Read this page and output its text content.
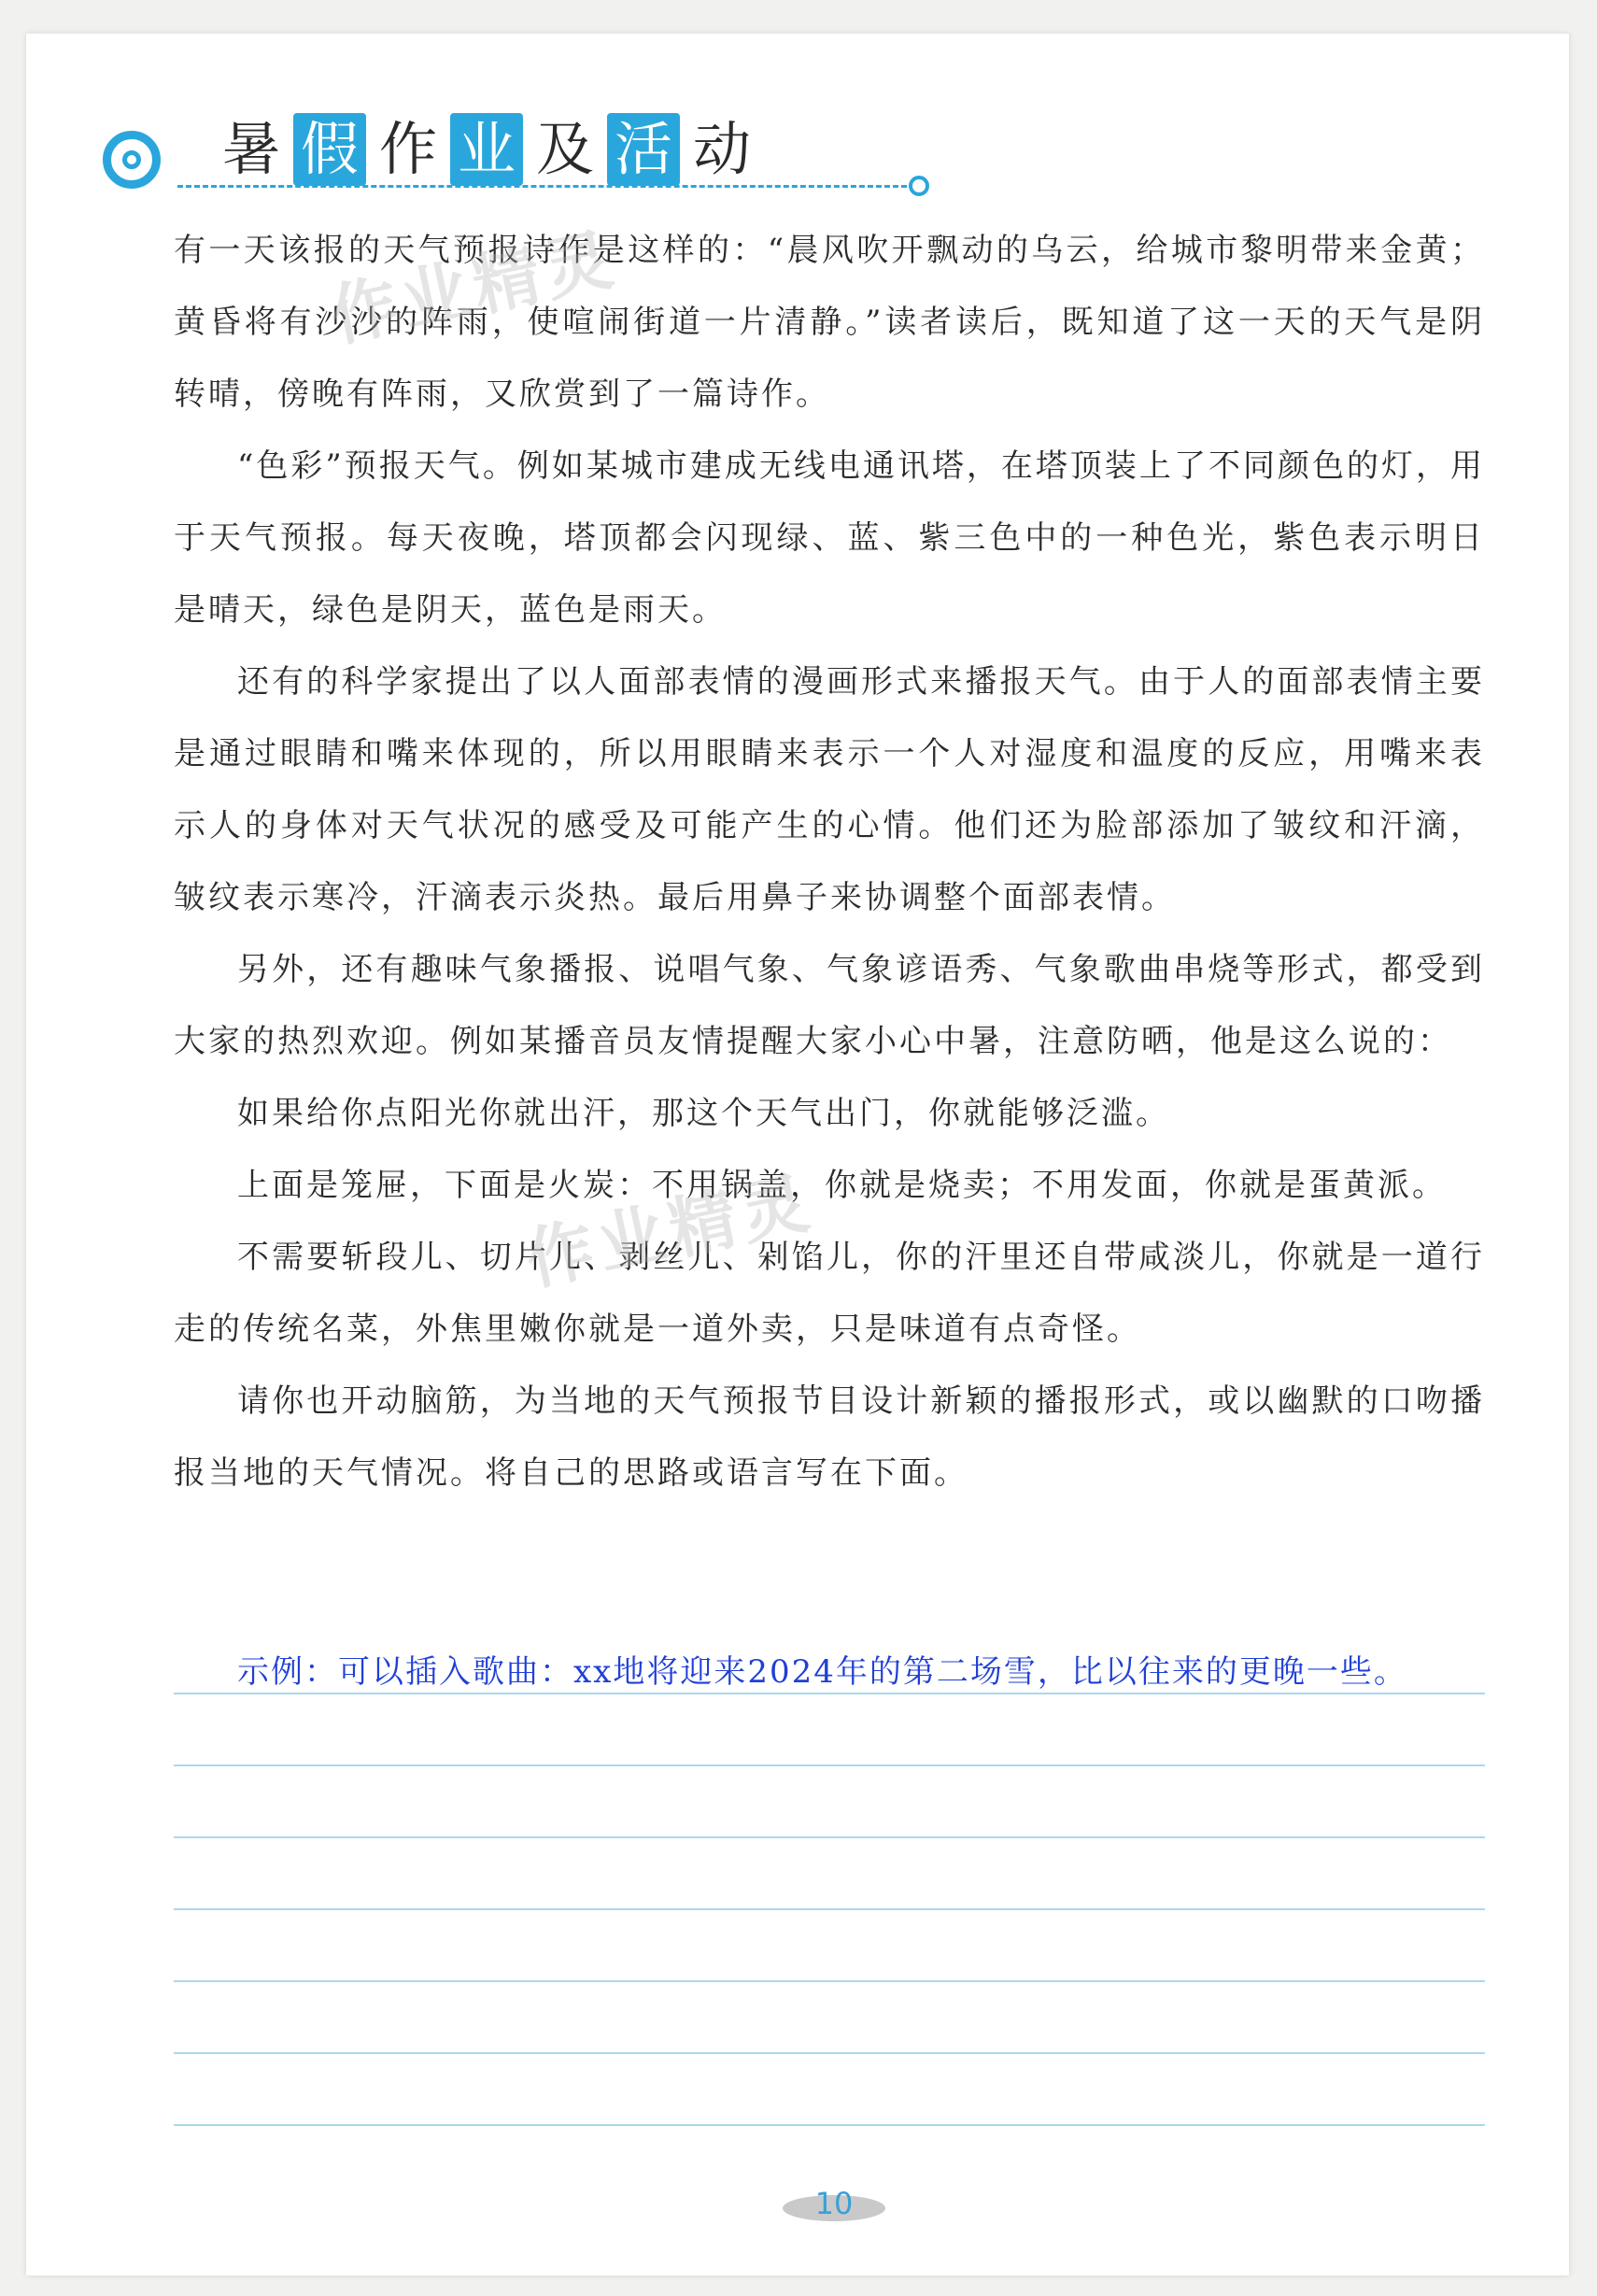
暑 假 作 业 及 活 动

有一天该报的天气预报诗作是这样的：“晨风吹开飘动的乌云，给城市黎明带来金黄；黄昏将有沙沙的阵雨，使喧闹街道一片清静。”读者读后，既知道了这一天的天气是阴转晴，傍晚有阵雨，又欣赏到了一篇诗作。

“色彩”预报天气。例如某城市建成无线电通讯塔，在塔顶装上了不同颜色的灯，用于天气预报。每天夜晚，塔顶都会闪现绿、蓝、紫三色中的一种色光，紫色表示明日是晴天，绿色是阴天，蓝色是雨天。

还有的科学家提出了以人面部表情的漫画形式来播报天气。由于人的面部表情主要是通过眼睛和嘴来体现的，所以用眼睛来表示一个人对湿度和温度的反应，用嘴来表示人的身体对天气状况的感受及可能产生的心情。他们还为脸部添加了皱纹和汗滴，皱纹表示寒冷，汗滴表示炎热。最后用鼻子来协调整个面部表情。

另外，还有趣味气象播报、说唱气象、气象谚语秀、气象歌曲串烧等形式，都受到大家的热烈欢迎。例如某播音员友情提醒大家小心中暑，注意防晒，他是这么说的：

如果给你点阳光你就出汗，那这个天气出门，你就能够泛滥。

上面是笼屉，下面是火炭：不用锅盖，你就是烧卖；不用发面，你就是蛋黄派。

不需要斩段儿、切片儿、剥丝儿、剁馅儿，你的汗里还自带咸淡儿，你就是一道行走的传统名菜，外焦里嫩你就是一道外卖，只是味道有点奇怪。

请你也开动脑筋，为当地的天气预报节目设计新颖的播报形式，或以幽默的口吻播报当地的天气情况。将自己的思路或语言写在下面。

示例：可以插入歌曲：xx地将迎来2024年的第二场雪，比以往来的更晚一些。

作业精灵
作业精灵
10
